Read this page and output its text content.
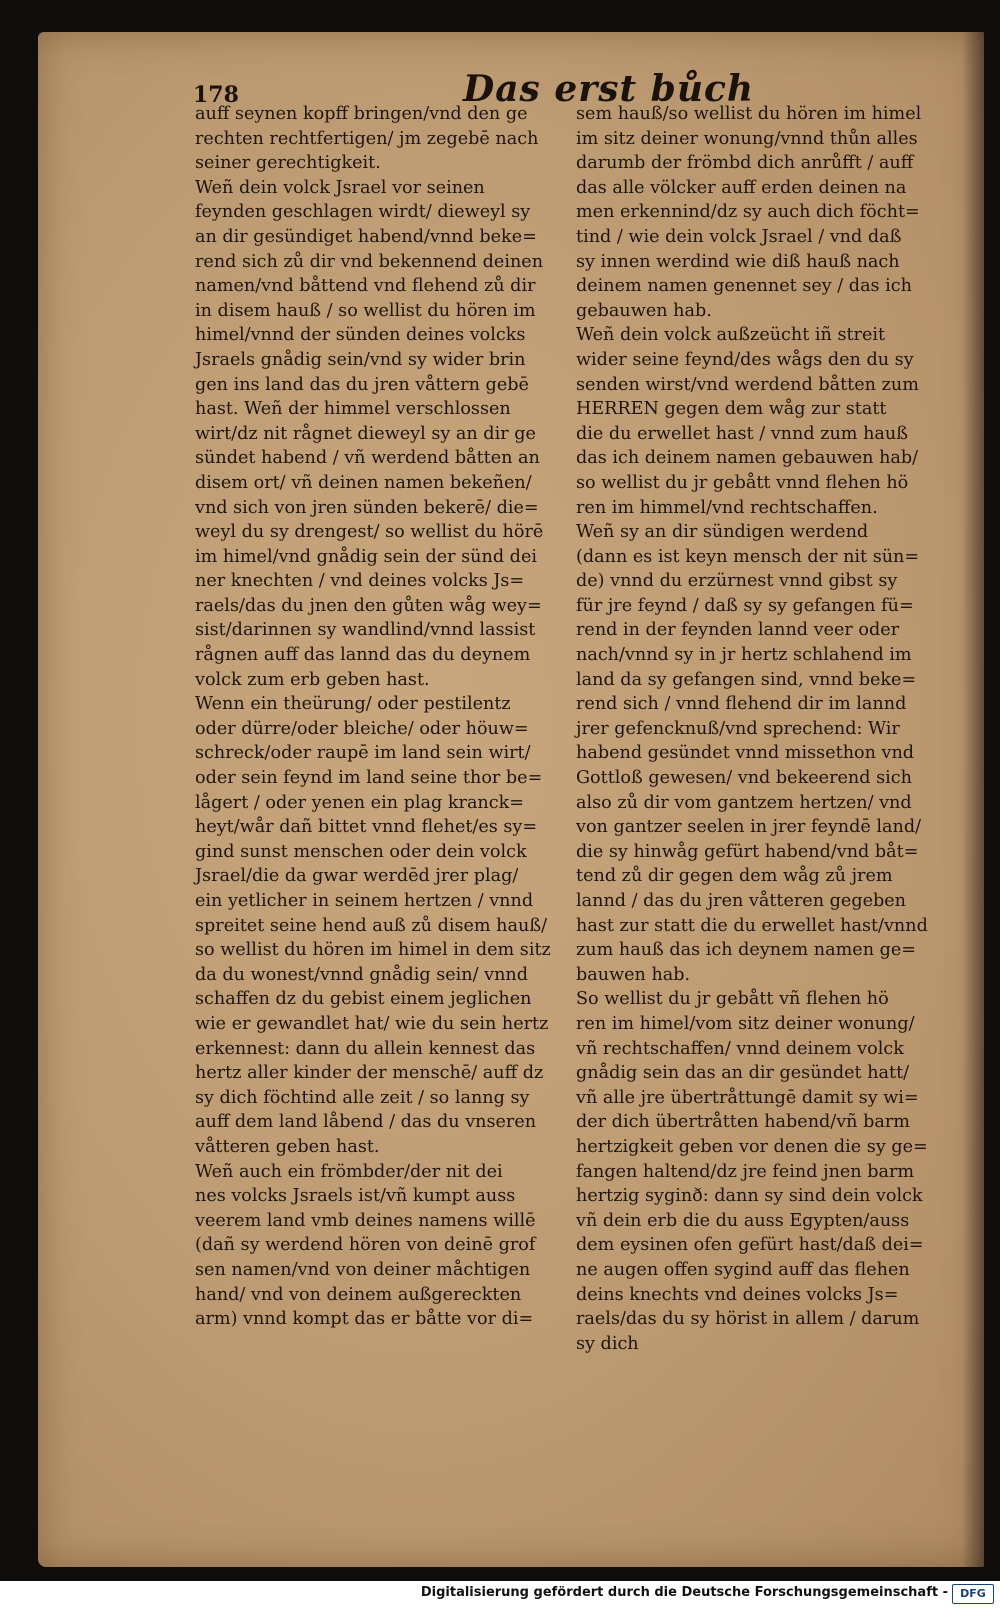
178	Das erst bůch
auff seynen kopff bringen/vnd den ge
rechten rechtfertigen/ jm zegebē nach
seiner gerechtigkeit.
Weñ dein volck Jsrael vor seinen
feynden geschlagen wirdt/ dieweyl sy
an dir gesündiget habend/vnnd beke=
rend sich zů dir vnd bekennend deinen
namen/vnd båttend vnd flehend zů dir
in disem hauß / so wellist du hören im
himel/vnnd der sünden deines volcks
Jsraels gnådig sein/vnd sy wider brin
gen ins land das du jren våttern gebē
hast. Weñ der himmel verschlossen
wirt/dz nit rågnet dieweyl sy an dir ge
sündet habend / vñ werdend båtten an
disem ort/ vñ deinen namen bekeñen/
vnd sich von jren sünden bekerē/ die=
weyl du sy drengest/ so wellist du hörē
im himel/vnd gnådig sein der sünd dei
ner knechten / vnd deines volcks Js=
raels/das du jnen den gůten wåg wey=
sist/darinnen sy wandlind/vnnd lassist
rågnen auff das lannd das du deynem
volck zum erb geben hast.
Wenn ein theürung/ oder pestilentz
oder dürre/oder bleiche/ oder höuw=
schreck/oder raupē im land sein wirt/
oder sein feynd im land seine thor be=
lågert / oder yenen ein plag kranck=
heyt/wår dañ bittet vnnd flehet/es sy=
gind sunst menschen oder dein volck
Jsrael/die da gwar werdēd jrer plag/
ein yetlicher in seinem hertzen / vnnd
spreitet seine hend auß zů disem hauß/
so wellist du hören im himel in dem sitz
da du wonest/vnnd gnådig sein/ vnnd
schaffen dz du gebist einem jeglichen
wie er gewandlet hat/ wie du sein hertz
erkennest: dann du allein kennest das
hertz aller kinder der menschē/ auff dz
sy dich föchtind alle zeit / so lanng sy
auff dem land låbend / das du vnseren
våtteren geben hast.
Weñ auch ein frömbder/der nit dei
nes volcks Jsraels ist/vñ kumpt auss
veerem land vmb deines namens willē
(dañ sy werdend hören von deinē grof
sen namen/vnd von deiner måchtigen
hand/ vnd von deinem außgereckten
arm) vnnd kompt das er båtte vor di=
sem hauß/so wellist du hören im himel
im sitz deiner wonung/vnnd thůn alles
darumb der frömbd dich anrůfft / auff
das alle völcker auff erden deinen na
men erkennind/dz sy auch dich föcht=
tind / wie dein volck Jsrael / vnd daß
sy innen werdind wie diß hauß nach
deinem namen genennet sey / das ich
gebauwen hab.
Weñ dein volck außzeücht iñ streit
wider seine feynd/des wågs den du sy
senden wirst/vnd werdend båtten zum
HERREN gegen dem wåg zur statt
die du erwellet hast / vnnd zum hauß
das ich deinem namen gebauwen hab/
so wellist du jr gebått vnnd flehen hö
ren im himmel/vnd rechtschaffen.
Weñ sy an dir sündigen werdend
(dann es ist keyn mensch der nit sün=
de) vnnd du erzürnest vnnd gibst sy
für jre feynd / daß sy sy gefangen fü=
rend in der feynden lannd veer oder
nach/vnnd sy in jr hertz schlahend im
land da sy gefangen sind, vnnd beke=
rend sich / vnnd flehend dir im lannd
jrer gefencknuß/vnd sprechend: Wir
habend gesündet vnnd missethon vnd
Gottloß gewesen/ vnd bekeerend sich
also zů dir vom gantzem hertzen/ vnd
von gantzer seelen in jrer feyndē land/
die sy hinwåg gefürt habend/vnd båt=
tend zů dir gegen dem wåg zů jrem
lannd / das du jren våtteren gegeben
hast zur statt die du erwellet hast/vnnd
zum hauß das ich deynem namen ge=
bauwen hab.
So wellist du jr gebått vñ flehen hö
ren im himel/vom sitz deiner wonung/
vñ rechtschaffen/ vnnd deinem volck
gnådig sein das an dir gesündet hatt/
vñ alle jre übertråttungē damit sy wi=
der dich übertråtten habend/vñ barm
hertzigkeit geben vor denen die sy ge=
fangen haltend/dz jre feind jnen barm
hertzig syginð: dann sy sind dein volck
vñ dein erb die du auss Egypten/auss
dem eysinen ofen gefürt hast/daß dei=
ne augen offen sygind auff das flehen
deins knechts vnd deines volcks Js=
raels/das du sy hörist in allem / darum
sy dich
Digitalisierung gefördert durch die Deutsche Forschungsgemeinschaft -	DFG
